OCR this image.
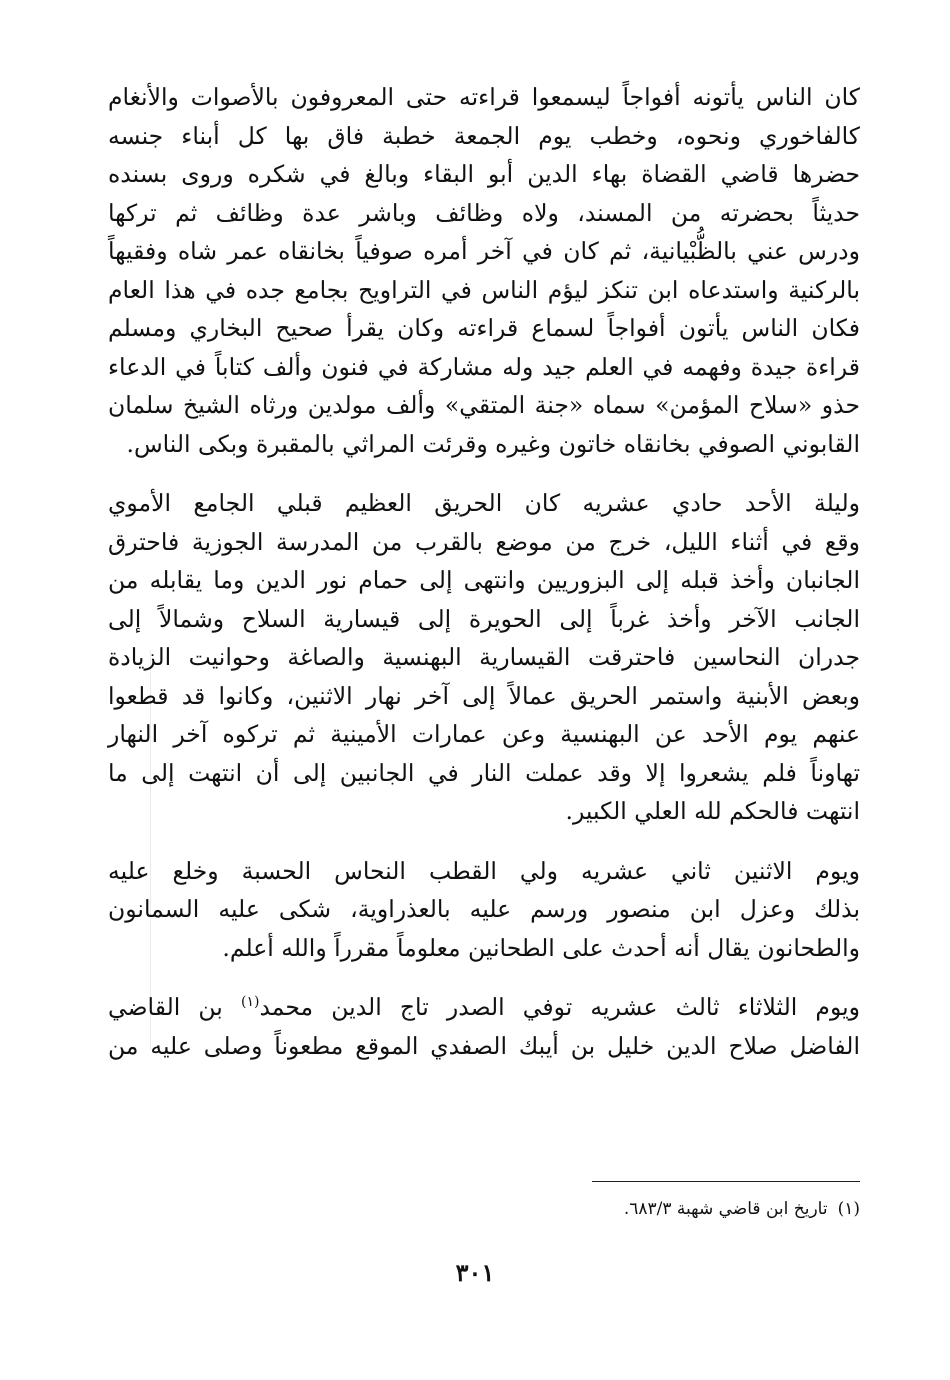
كان الناس يأتونه أفواجاً ليسمعوا قراءته حتى المعروفون بالأصوات والأنغام
كالفاخوري ونحوه، وخطب يوم الجمعة خطبة فاق بها كل أبناء جنسه
حضرها قاضي القضاة بهاء الدين أبو البقاء وبالغ في شكره وروى بسنده
حديثاً بحضرته من المسند، ولاه وظائف وباشر عدة وظائف ثم تركها
ودرس عني بالظُّبْيانية، ثم كان في آخر أمره صوفياً بخانقاه عمر شاه وفقيهاً
بالركنية واستدعاه ابن تنكز ليؤم الناس في التراويح بجامع جده في هذا العام
فكان الناس يأتون أفواجاً لسماع قراءته وكان يقرأ صحيح البخاري ومسلم
قراءة جيدة وفهمه في العلم جيد وله مشاركة في فنون وألف كتاباً في الدعاء
حذو «سلاح المؤمن» سماه «جنة المتقي» وألف مولدين ورثاه الشيخ سلمان
القابوني الصوفي بخانقاه خاتون وغيره وقرئت المراثي بالمقبرة وبكى الناس.

وليلة الأحد حادي عشريه كان الحريق العظيم قبلي الجامع الأموي
وقع في أثناء الليل، خرج من موضع بالقرب من المدرسة الجوزية فاحترق
الجانبان وأخذ قبله إلى البزوريين وانتهى إلى حمام نور الدين وما يقابله من
الجانب الآخر وأخذ غرباً إلى الحويرة إلى قيسارية السلاح وشمالاً إلى
جدران النحاسين فاحترقت القيسارية البهنسية والصاغة وحوانيت الزيادة
وبعض الأبنية واستمر الحريق عمالاً إلى آخر نهار الاثنين، وكانوا قد قطعوا
عنهم يوم الأحد عن البهنسية وعن عمارات الأمينية ثم تركوه آخر النهار
تهاوناً فلم يشعروا إلا وقد عملت النار في الجانبين إلى أن انتهت إلى ما
انتهت فالحكم لله العلي الكبير.

ويوم الاثنين ثاني عشريه ولي القطب النحاس الحسبة وخلع عليه
بذلك وعزل ابن منصور ورسم عليه بالعذراوية، شكى عليه السمانون
والطحانون يقال أنه أحدث على الطحانين معلوماً مقرراً والله أعلم.

ويوم الثلاثاء ثالث عشريه توفي الصدر تاج الدين محمد$^{(١)}$ بن القاضي
الفاضل صلاح الدين خليل بن أيبك الصفدي الموقع مطعوناً وصلى عليه من

(١)تاريخ ابن قاضي شهبة ٦٨٣/٣.
٣٠١
